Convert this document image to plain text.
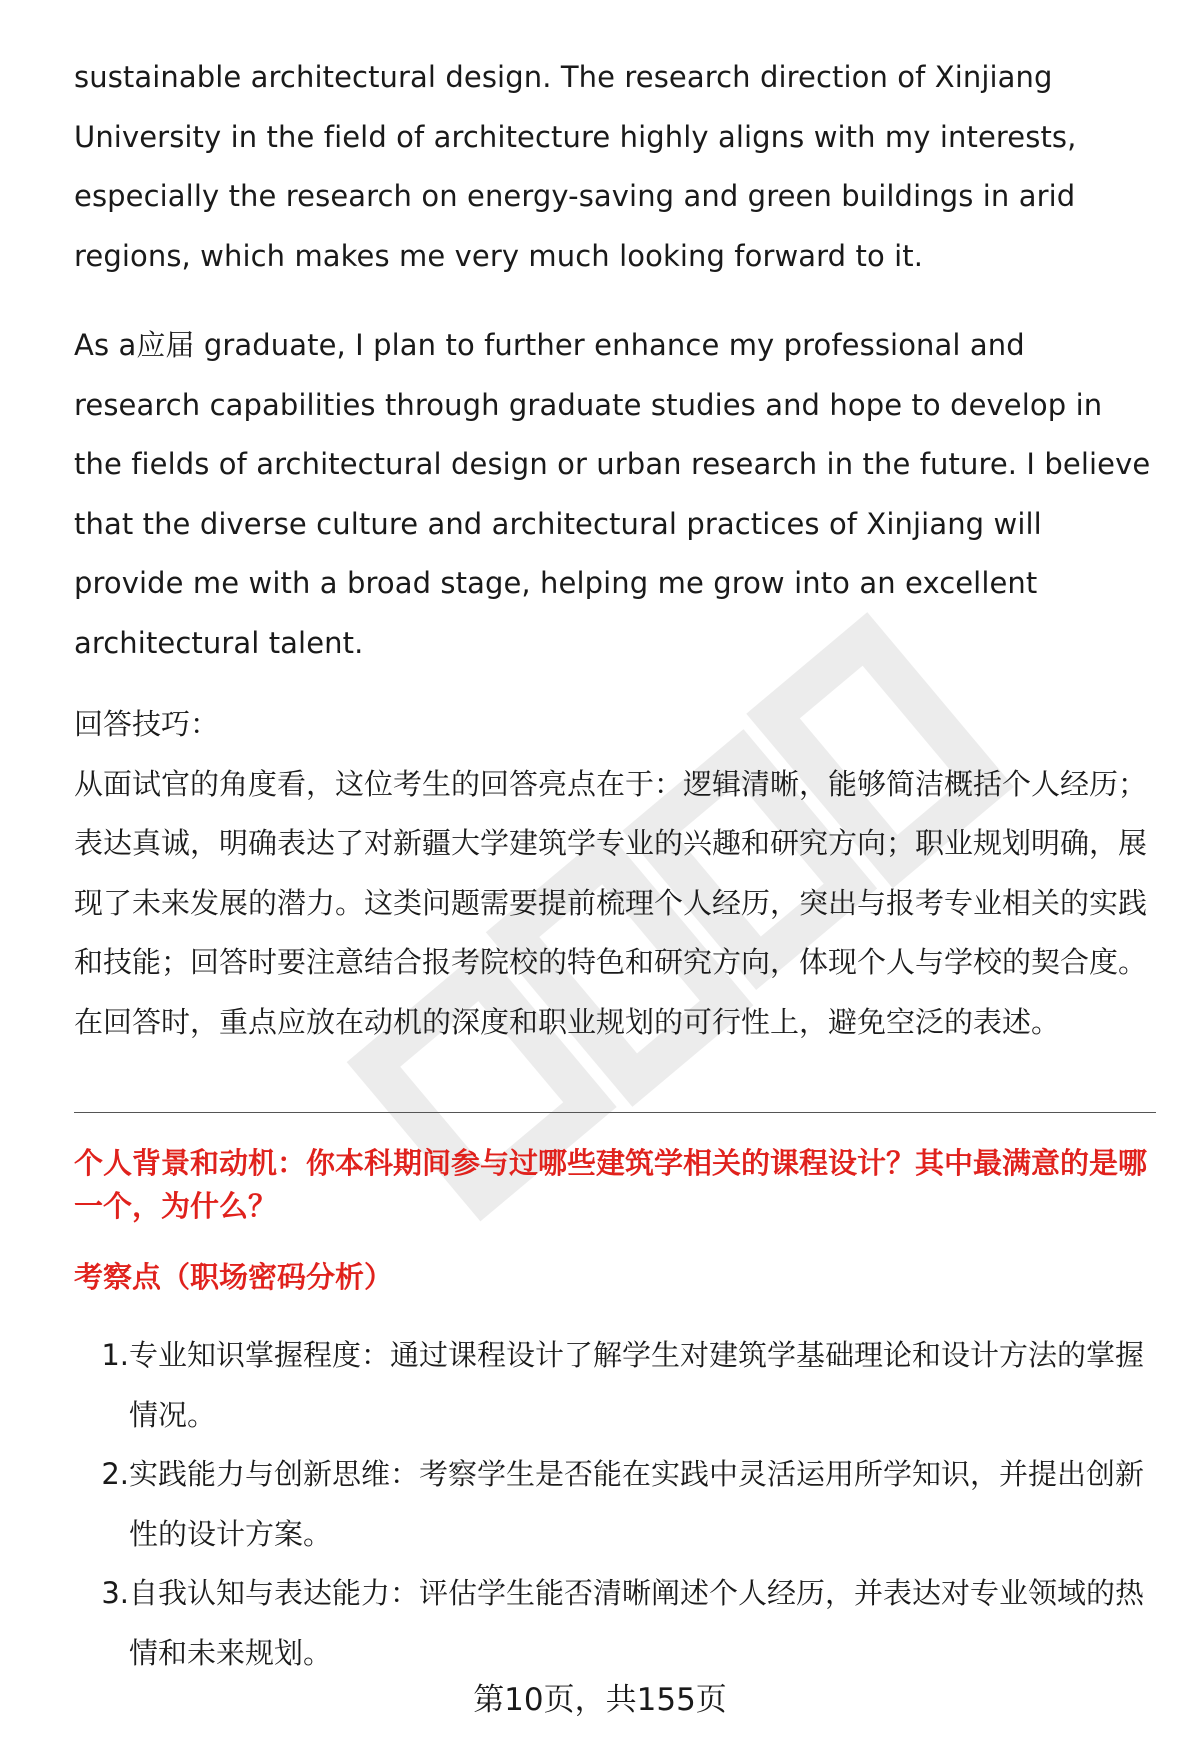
sustainable architectural design. The research direction of Xinjiang University in the field of architecture highly aligns with my interests, especially the research on energy-saving and green buildings in arid regions, which makes me very much looking forward to it.

As a应届 graduate, I plan to further enhance my professional and research capabilities through graduate studies and hope to develop in the fields of architectural design or urban research in the future. I believe that the diverse culture and architectural practices of Xinjiang will provide me with a broad stage, helping me grow into an excellent architectural talent.

回答技巧：

从面试官的角度看，这位考生的回答亮点在于：逻辑清晰，能够简洁概括个人经历；表达真诚，明确表达了对新疆大学建筑学专业的兴趣和研究方向；职业规划明确，展现了未来发展的潜力。这类问题需要提前梳理个人经历，突出与报考专业相关的实践和技能；回答时要注意结合报考院校的特色和研究方向，体现个人与学校的契合度。在回答时，重点应放在动机的深度和职业规划的可行性上，避免空泛的表述。

个人背景和动机：你本科期间参与过哪些建筑学相关的课程设计？其中最满意的是哪一个，为什么？

考察点（职场密码分析）

1. 专业知识掌握程度：通过课程设计了解学生对建筑学基础理论和设计方法的掌握情况。
2. 实践能力与创新思维：考察学生是否能在实践中灵活运用所学知识，并提出创新性的设计方案。
3. 自我认知与表达能力：评估学生能否清晰阐述个人经历，并表达对专业领域的热情和未来规划。
第10页，共155页
